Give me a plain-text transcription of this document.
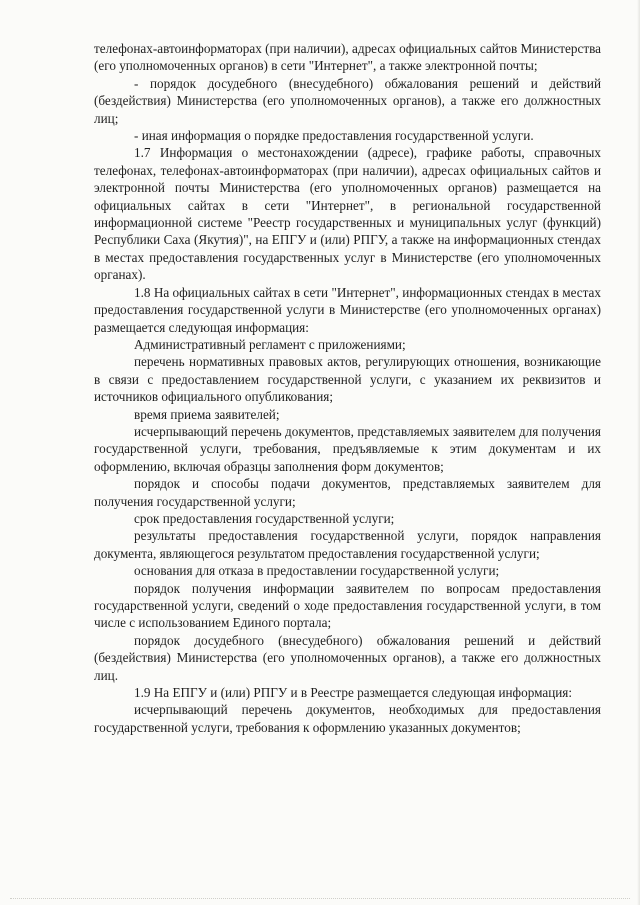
телефонах-автоинформаторах (при наличии), адресах официальных сайтов Министерства (его уполномоченных органов) в сети "Интернет", а также электронной почты;

- порядок досудебного (внесудебного) обжалования решений и действий (бездействия) Министерства (его уполномоченных органов), а также его должностных лиц;

- иная информация о порядке предоставления государственной услуги.

1.7 Информация о местонахождении (адресе), графике работы, справочных телефонах, телефонах-автоинформаторах (при наличии), адресах официальных сайтов и электронной почты Министерства (его уполномоченных органов) размещается на официальных сайтах в сети "Интернет", в региональной государственной информационной системе "Реестр государственных и муниципальных услуг (функций) Республики Саха (Якутия)", на ЕПГУ и (или) РПГУ, а также на информационных стендах в местах предоставления государственных услуг в Министерстве (его уполномоченных органах).

1.8 На официальных сайтах в сети "Интернет", информационных стендах в местах предоставления государственной услуги в Министерстве (его уполномоченных органах) размещается следующая информация:

Административный регламент с приложениями;

перечень нормативных правовых актов, регулирующих отношения, возникающие в связи с предоставлением государственной услуги, с указанием их реквизитов и источников официального опубликования;

время приема заявителей;

исчерпывающий перечень документов, представляемых заявителем для получения государственной услуги, требования, предъявляемые к этим документам и их оформлению, включая образцы заполнения форм документов;

порядок и способы подачи документов, представляемых заявителем для получения государственной услуги;

срок предоставления государственной услуги;

результаты предоставления государственной услуги, порядок направления документа, являющегося результатом предоставления государственной услуги;

основания для отказа в предоставлении государственной услуги;

порядок получения информации заявителем по вопросам предоставления государственной услуги, сведений о ходе предоставления государственной услуги, в том числе с использованием Единого портала;

порядок досудебного (внесудебного) обжалования решений и действий (бездействия) Министерства (его уполномоченных органов), а также его должностных лиц.

1.9 На ЕПГУ и (или) РПГУ и в Реестре размещается следующая информация:

исчерпывающий перечень документов, необходимых для предоставления государственной услуги, требования к оформлению указанных документов;
